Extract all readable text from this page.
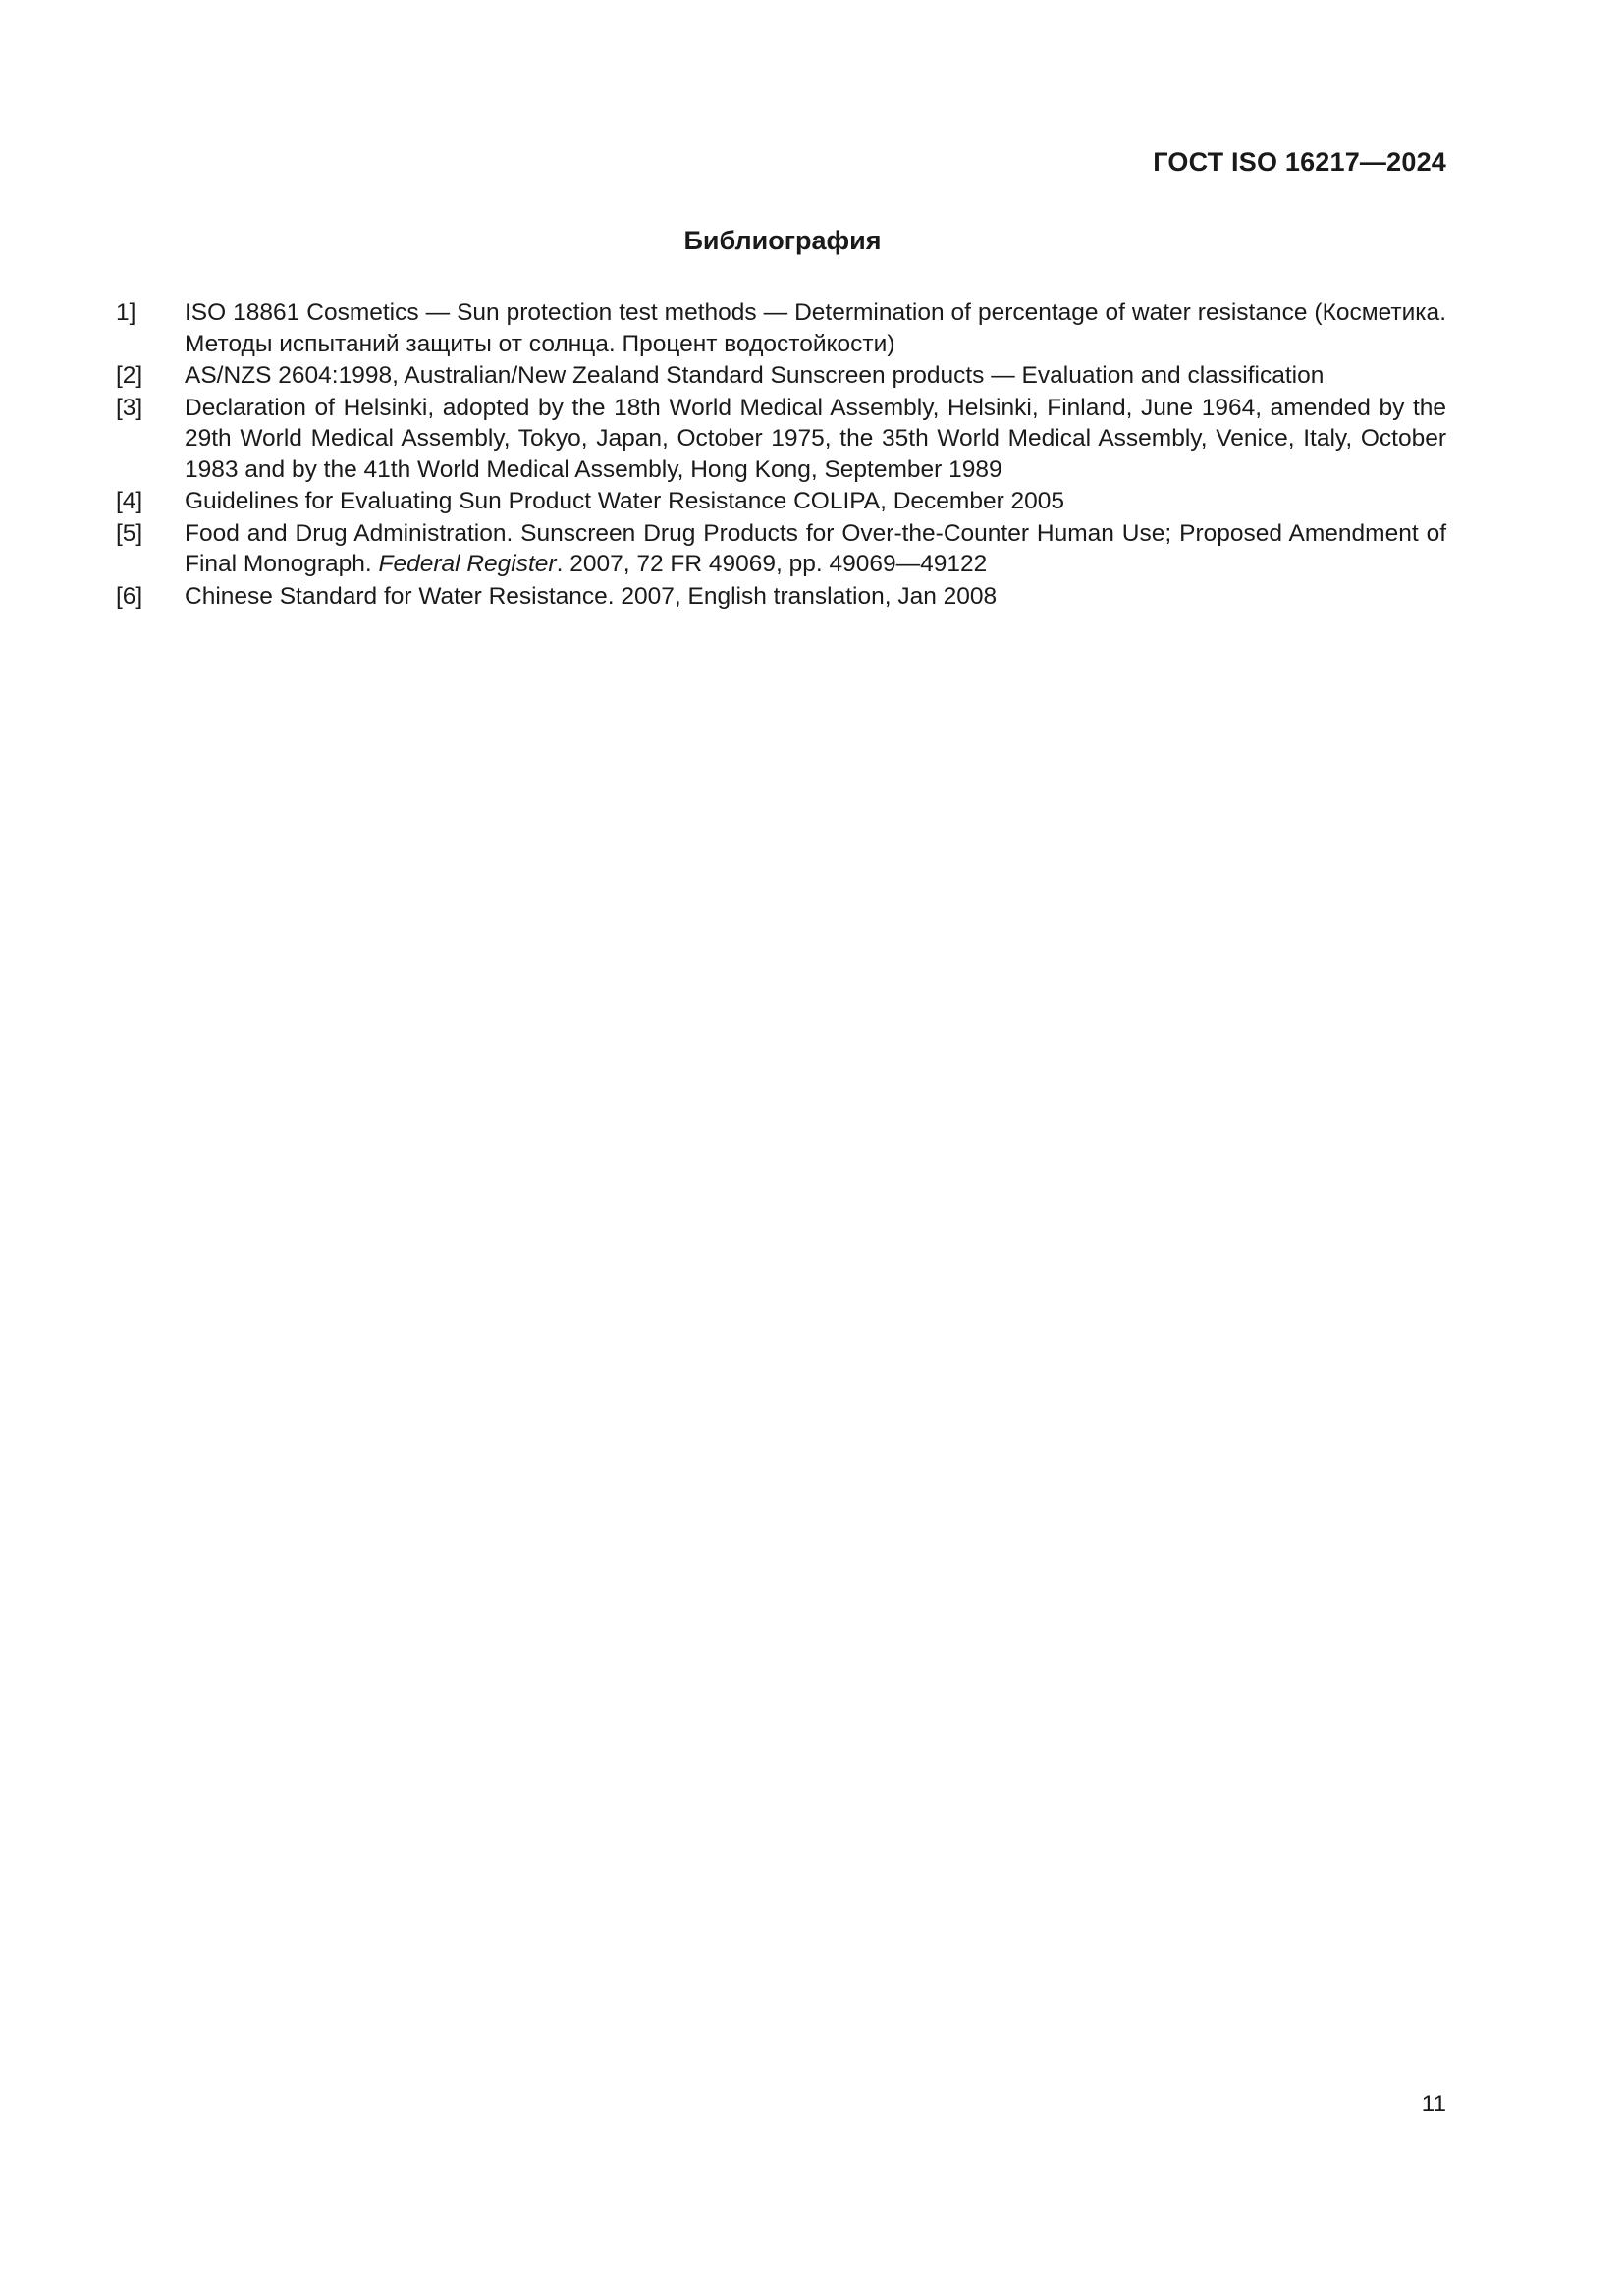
ГОСТ ISO 16217—2024
Библиография
1]	ISO 18861 Cosmetics — Sun protection test methods — Determination of percentage of water resistance (Косметика. Методы испытаний защиты от солнца. Процент водостойкости)
[2]	AS/NZS 2604:1998, Australian/New Zealand Standard Sunscreen products — Evaluation and classification
[3]	Declaration of Helsinki, adopted by the 18th World Medical Assembly, Helsinki, Finland, June 1964, amended by the 29th World Medical Assembly, Tokyo, Japan, October 1975, the 35th World Medical Assembly, Venice, Italy, October 1983 and by the 41th World Medical Assembly, Hong Kong, September 1989
[4]	Guidelines for Evaluating Sun Product Water Resistance COLIPA, December 2005
[5]	Food and Drug Administration. Sunscreen Drug Products for Over-the-Counter Human Use; Proposed Amendment of Final Monograph. Federal Register. 2007, 72 FR 49069, pp. 49069—49122
[6]	Chinese Standard for Water Resistance. 2007, English translation, Jan 2008
11
